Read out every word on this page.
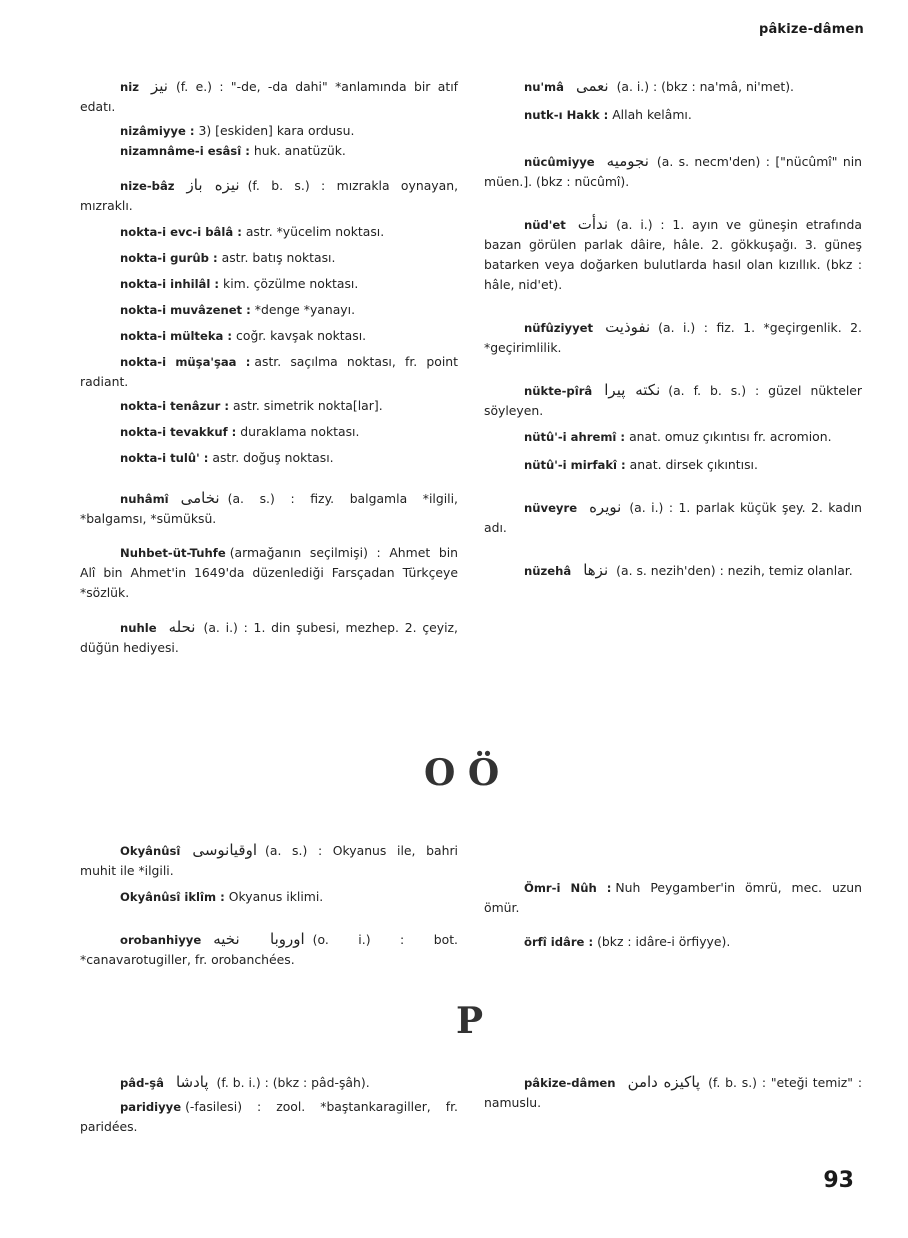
pâkize-dâmen

niz نیز (f. e.) : "-de, -da dahi" *anlamında bir atıf edatı.

nizâmiyye : 3) [eskiden] kara ordusu.

nizamnâme-i esâsî : huk. anatüzük.

nize-bâz نیزه باز (f. b. s.) : mızrakla oynayan, mızraklı.

nokta-i evc-i bâlâ : astr. *yücelim noktası.

nokta-i gurûb : astr. batış noktası.

nokta-i inhilâl : kim. çözülme noktası.

nokta-i muvâzenet : *denge *yanayı.

nokta-i mülteka : coğr. kavşak noktası.

nokta-i müşa'şaa : astr. saçılma noktası, fr. point radiant.

nokta-i tenâzur : astr. simetrik nokta[lar].

nokta-i tevakkuf : duraklama noktası.

nokta-i tulû' : astr. doğuş noktası.

nuhâmî نخامی (a. s.) : fizy. balgamla *ilgili, *balgamsı, *sümüksü.

Nuhbet-üt-Tuhfe (armağanın seçilmişi) : Ahmet bin Alî bin Ahmet'in 1649'da düzenlediği Farsçadan Türkçeye *sözlük.

nuhle نحله (a. i.) : 1. din şubesi, mezhep. 2. çeyiz, düğün hediyesi.

nu'mâ نعمی (a. i.) : (bkz : na'mâ, ni'met).

nutk-ı Hakk : Allah kelâmı.

nücûmiyye نجومیه (a. s. necm'den) : ["nücûmî" nin müen.]. (bkz : nücûmî).

nüd'et ندأت (a. i.) : 1. ayın ve güneşin etrafında bazan görülen parlak dâire, hâle. 2. gökkuşağı. 3. güneş batarken veya doğarken bulutlarda hasıl olan kızıllık. (bkz : hâle, nid'et).

nüfûziyyet نفوذیت (a. i.) : fiz. 1. *geçirgenlik. 2. *geçirimlilik.

nükte-pîrâ نکته پیرا (a. f. b. s.) : güzel nükteler söyleyen.

nütû'-i ahremî : anat. omuz çıkıntısı fr. acromion.

nütû'-i mirfakî : anat. dirsek çıkıntısı.

nüveyre نویره (a. i.) : 1. parlak küçük şey. 2. kadın adı.

nüzehâ نزها (a. s. nezih'den) : nezih, temiz olanlar.

O Ö

Okyânûsî اوقیانوسی (a. s.) : Okyanus ile, bahri muhit ile *ilgili.

Okyânûsî iklîm : Okyanus iklimi.

orobanhiyye اوروبا نخیه (o. i.) : bot. *canavarotugiller, fr. orobanchées.

Ömr-i Nûh : Nuh Peygamber'in ömrü, mec. uzun ömür.

örfî idâre : (bkz : idâre-i örfiyye).

P

pâd-şâ پادشا (f. b. i.) : (bkz : pâd-şâh).

paridiyye (-fasilesi) : zool. *baştankaragiller, fr. paridées.

pâkize-dâmen پاکیزه دامن (f. b. s.) : "eteği temiz" : namuslu.

93
